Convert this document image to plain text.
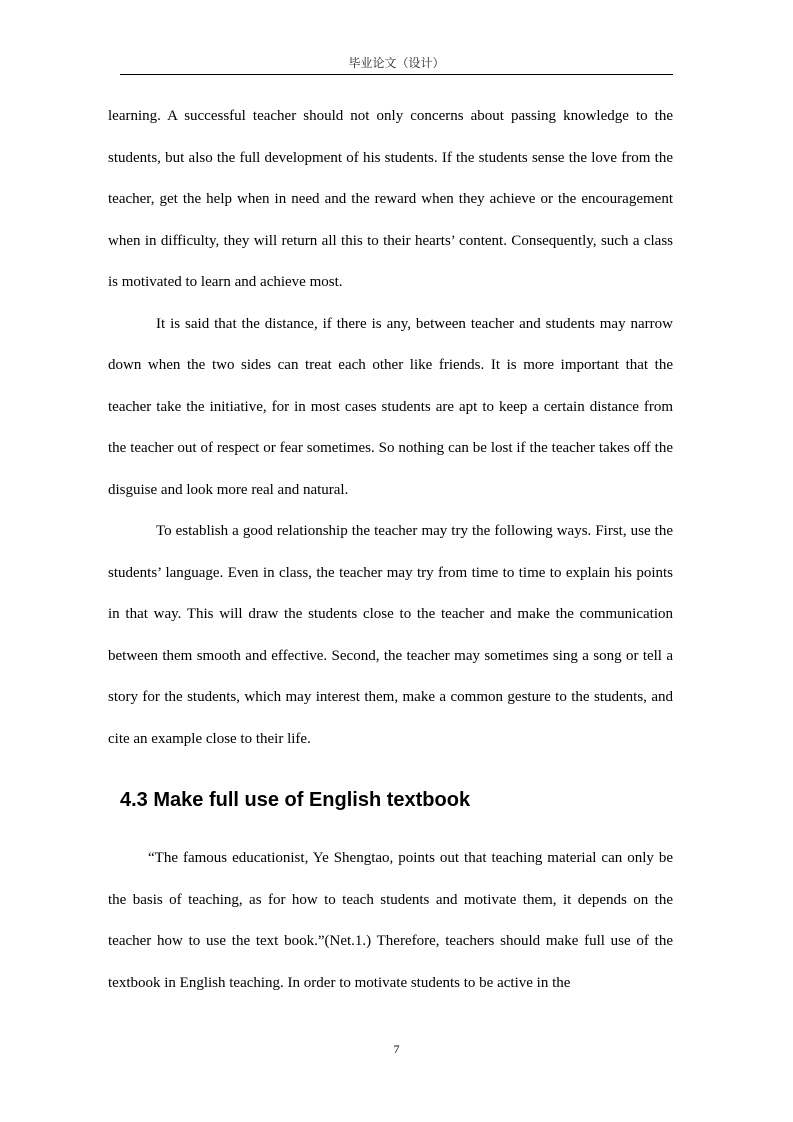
毕业论文（设计）

learning. A successful teacher should not only concerns about passing knowledge to the students, but also the full development of his students. If the students sense the love from the teacher, get the help when in need and the reward when they achieve or the encouragement when in difficulty, they will return all this to their hearts’ content. Consequently, such a class is motivated to learn and achieve most.

It is said that the distance, if there is any, between teacher and students may narrow down when the two sides can treat each other like friends. It is more important that the teacher take the initiative, for in most cases students are apt to keep a certain distance from the teacher out of respect or fear sometimes. So nothing can be lost if the teacher takes off the disguise and look more real and natural.

To establish a good relationship the teacher may try the following ways. First, use the students’ language. Even in class, the teacher may try from time to time to explain his points in that way. This will draw the students close to the teacher and make the communication between them smooth and effective. Second, the teacher may sometimes sing a song or tell a story for the students, which may interest them, make a common gesture to the students, and cite an example close to their life.

4.3 Make full use of English textbook

“The famous educationist, Ye Shengtao, points out that teaching material can only be the basis of teaching, as for how to teach students and motivate them, it depends on the teacher how to use the text book.”(Net.1.) Therefore, teachers should make full use of the textbook in English teaching. In order to motivate students to be active in the

7
